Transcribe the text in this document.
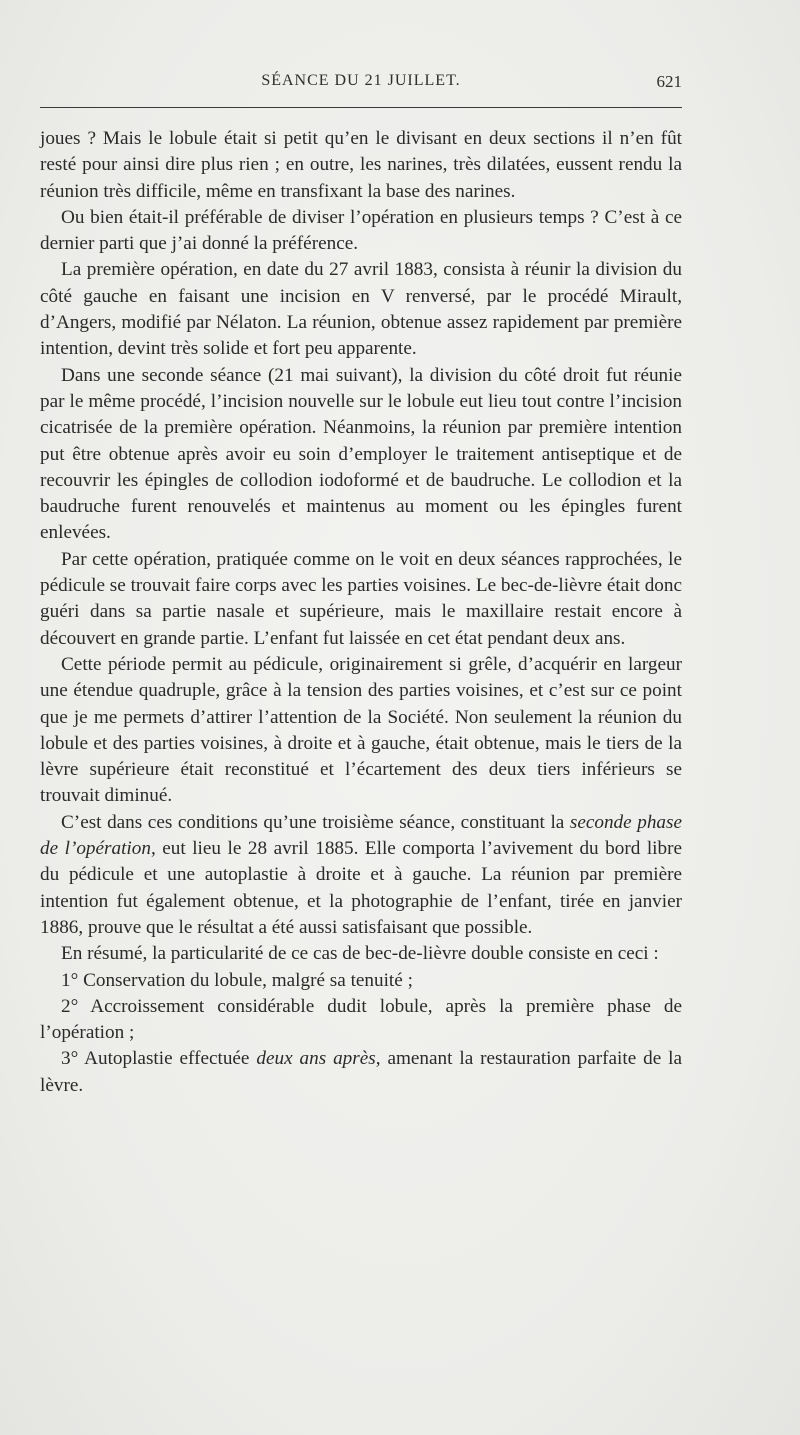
SÉANCE DU 21 JUILLET.	621

joues ? Mais le lobule était si petit qu’en le divisant en deux sections il n’en fût resté pour ainsi dire plus rien ; en outre, les narines, très dilatées, eussent rendu la réunion très difficile, même en transfixant la base des narines.

Ou bien était-il préférable de diviser l’opération en plusieurs temps ? C’est à ce dernier parti que j’ai donné la préférence.

La première opération, en date du 27 avril 1883, consista à réunir la division du côté gauche en faisant une incision en V renversé, par le procédé Mirault, d’Angers, modifié par Nélaton. La réunion, obtenue assez rapidement par première intention, devint très solide et fort peu apparente.

Dans une seconde séance (21 mai suivant), la division du côté droit fut réunie par le même procédé, l’incision nouvelle sur le lobule eut lieu tout contre l’incision cicatrisée de la première opération. Néanmoins, la réunion par première intention put être obtenue après avoir eu soin d’employer le traitement antiseptique et de recouvrir les épingles de collodion iodoformé et de baudruche. Le collodion et la baudruche furent renouvelés et maintenus au moment ou les épingles furent enlevées.

Par cette opération, pratiquée comme on le voit en deux séances rapprochées, le pédicule se trouvait faire corps avec les parties voisines. Le bec-de-lièvre était donc guéri dans sa partie nasale et supérieure, mais le maxillaire restait encore à découvert en grande partie. L’enfant fut laissée en cet état pendant deux ans.

Cette période permit au pédicule, originairement si grêle, d’acquérir en largeur une étendue quadruple, grâce à la tension des parties voisines, et c’est sur ce point que je me permets d’attirer l’attention de la Société. Non seulement la réunion du lobule et des parties voisines, à droite et à gauche, était obtenue, mais le tiers de la lèvre supérieure était reconstitué et l’écartement des deux tiers inférieurs se trouvait diminué.

C’est dans ces conditions qu’une troisième séance, constituant la seconde phase de l’opération, eut lieu le 28 avril 1885. Elle comporta l’avivement du bord libre du pédicule et une autoplastie à droite et à gauche. La réunion par première intention fut également obtenue, et la photographie de l’enfant, tirée en janvier 1886, prouve que le résultat a été aussi satisfaisant que possible.

En résumé, la particularité de ce cas de bec-de-lièvre double consiste en ceci :

1° Conservation du lobule, malgré sa tenuité ;

2° Accroissement considérable dudit lobule, après la première phase de l’opération ;

3° Autoplastie effectuée deux ans après, amenant la restauration parfaite de la lèvre.
